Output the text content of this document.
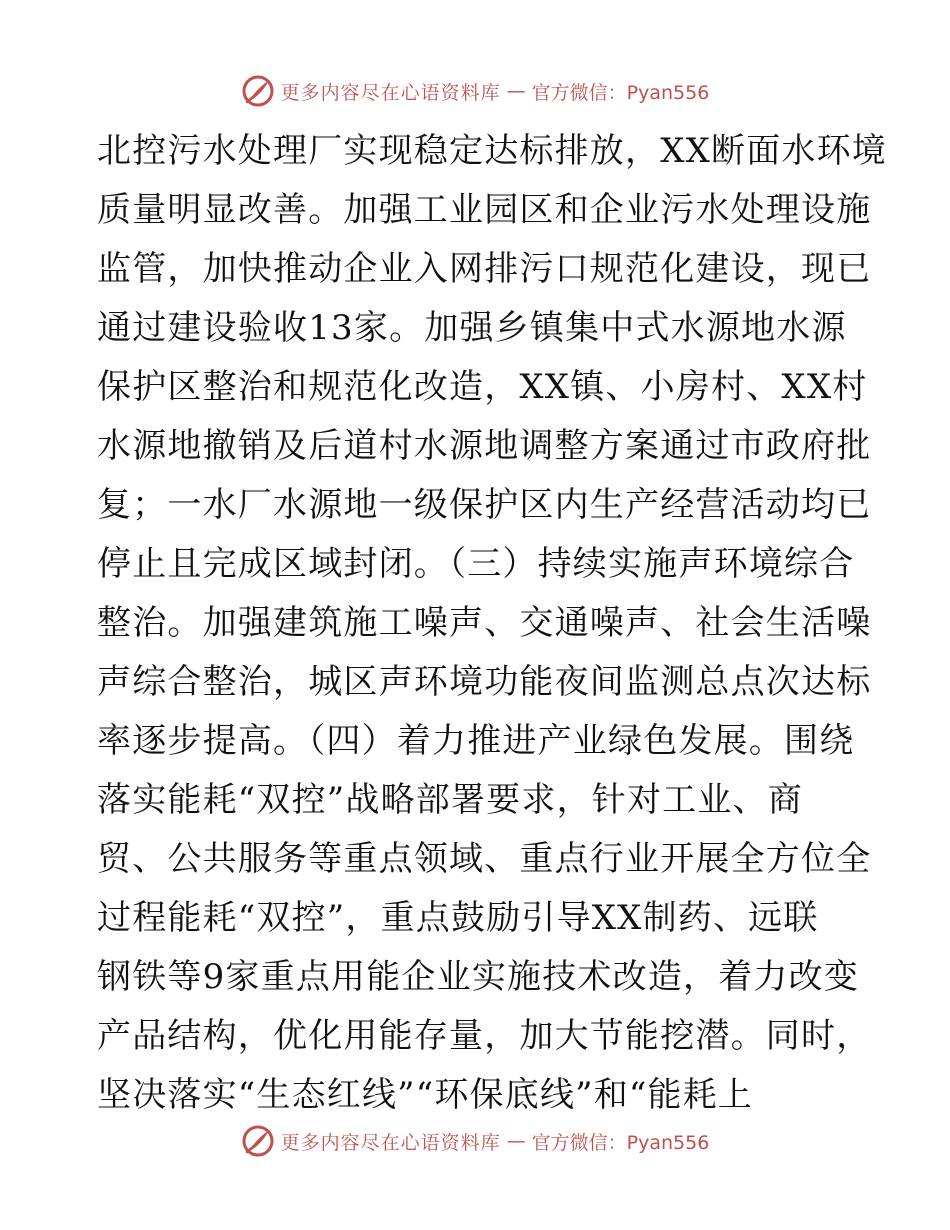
更多内容尽在心语资料库 — 官方微信：Pyan556
北控污水处理厂实现稳定达标排放，XX断面水环境
质量明显改善。加强工业园区和企业污水处理设施
监管，加快推动企业入网排污口规范化建设，现已
通过建设验收13家。加强乡镇集中式水源地水源
保护区整治和规范化改造，XX镇、小房村、XX村
水源地撤销及后道村水源地调整方案通过市政府批
复；一水厂水源地一级保护区内生产经营活动均已
停止且完成区域封闭。（三）持续实施声环境综合
整治。加强建筑施工噪声、交通噪声、社会生活噪
声综合整治，城区声环境功能夜间监测总点次达标
率逐步提高。（四）着力推进产业绿色发展。围绕
落实能耗“双控”战略部署要求，针对工业、商
贸、公共服务等重点领域、重点行业开展全方位全
过程能耗“双控”，重点鼓励引导XX制药、远联
钢铁等9家重点用能企业实施技术改造，着力改变
产品结构，优化用能存量，加大节能挖潜。同时，
坚决落实“生态红线”“环保底线”和“能耗上
更多内容尽在心语资料库 — 官方微信：Pyan556
